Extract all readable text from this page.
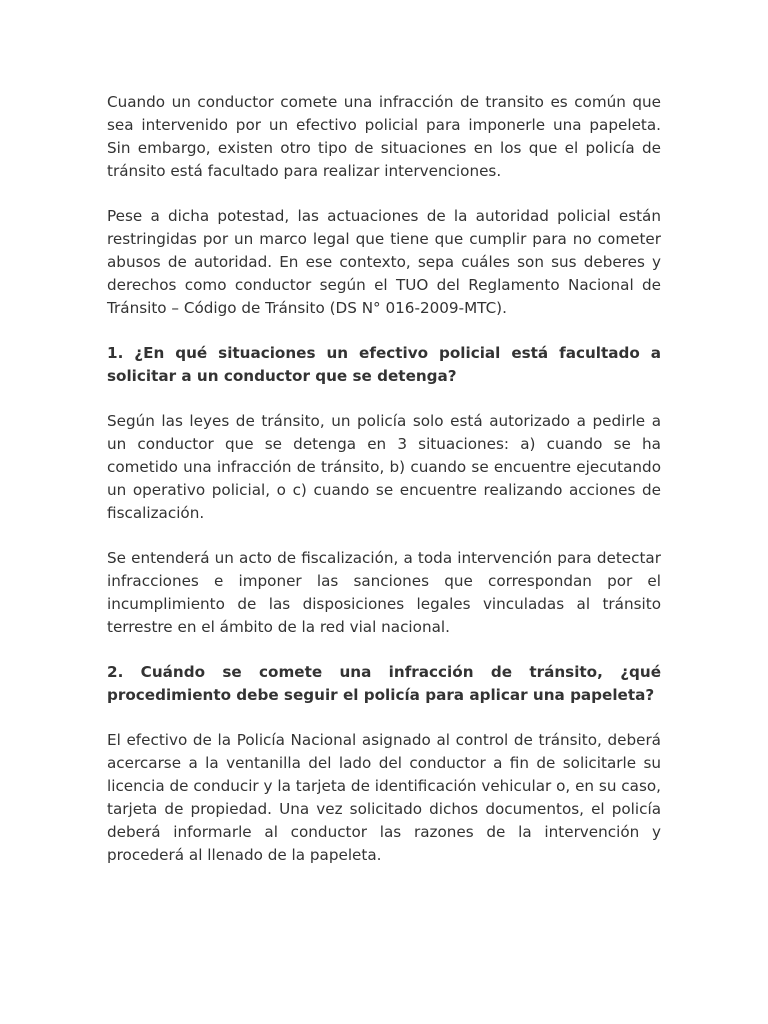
Cuando un conductor comete una infracción de transito es común que sea intervenido por un efectivo policial para imponerle una papeleta. Sin embargo, existen otro tipo de situaciones en los que el policía de tránsito está facultado para realizar intervenciones.

Pese a dicha potestad, las actuaciones de la autoridad policial están restringidas por un marco legal que tiene que cumplir para no cometer abusos de autoridad. En ese contexto, sepa cuáles son sus deberes y derechos como conductor según el TUO del Reglamento Nacional de Tránsito – Código de Tránsito (DS N° 016-2009-MTC).

1. ¿En qué situaciones un efectivo policial está facultado a solicitar a un conductor que se detenga?

Según las leyes de tránsito, un policía solo está autorizado a pedirle a un conductor que se detenga en 3 situaciones: a) cuando se ha cometido una infracción de tránsito, b) cuando se encuentre ejecutando un operativo policial, o c) cuando se encuentre realizando acciones de fiscalización.

Se entenderá un acto de fiscalización, a toda intervención para detectar infracciones e imponer las sanciones que correspondan por el incumplimiento de las disposiciones legales vinculadas al tránsito terrestre en el ámbito de la red vial nacional.

2. Cuándo se comete una infracción de tránsito, ¿qué procedimiento debe seguir el policía para aplicar una papeleta?

El efectivo de la Policía Nacional asignado al control de tránsito, deberá acercarse a la ventanilla del lado del conductor a fin de solicitarle su licencia de conducir y la tarjeta de identificación vehicular o, en su caso, tarjeta de propiedad. Una vez solicitado dichos documentos, el policía deberá informarle al conductor las razones de la intervención y procederá al llenado de la papeleta.
